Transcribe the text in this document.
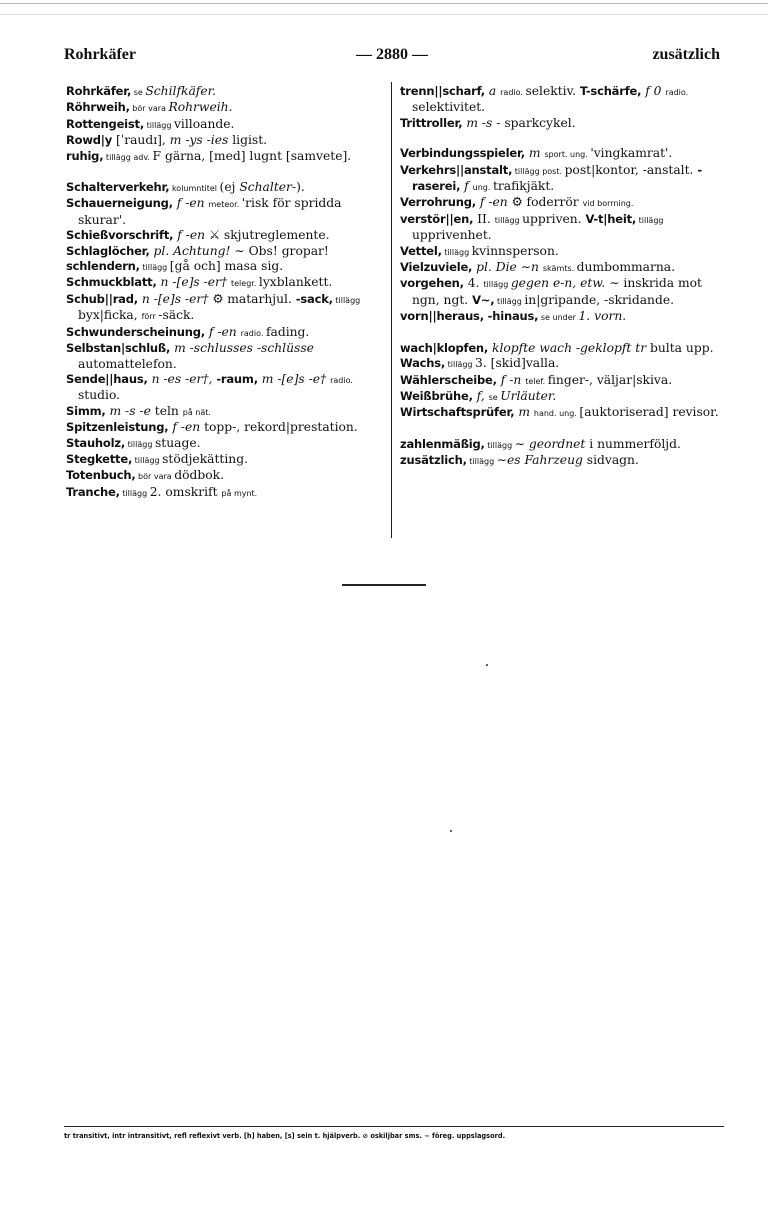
Rohrkäfer	— 2880 —	zusätzlich

Rohrkäfer, se Schilfkäfer.

Röhrweih, bör vara Rohrweih.

Rottengeist, tillägg villoande.

Rowd|y [ˈraudɪ], m -ys -ies ligist.

ruhig, tillägg adv. F gärna, [med] lugnt [samvete].

Schalterverkehr, kolumntitel (ej Schalter-).

Schauerneigung, f -en meteor. 'risk för spridda skurar'.

Schießvorschrift, f -en ⚔ skjutreglemente.

Schlaglöcher, pl. Achtung! ∼ Obs! gropar!

schlendern, tillägg [gå och] masa sig.

Schmuckblatt, n -[e]s -er† telegr. lyxblankett.

Schub||rad, n -[e]s -er† ⚙ matarhjul. -sack, tillägg byx|ficka, förr -säck.

Schwunderscheinung, f -en radio. fading.

Selbstan|schluß, m -schlusses -schlüsse automattelefon.

Sende||haus, n -es -er†, -raum, m -[e]s -e† radio. studio.

Simm, m -s -e teln på nät.

Spitzenleistung, f -en topp-, rekord|prestation.

Stauholz, tillägg stuage.

Stegkette, tillägg stödjekätting.

Totenbuch, bör vara dödbok.

Tranche, tillägg 2. omskrift på mynt.

trenn||scharf, a radio. selektiv. T-schärfe, f 0 radio. selektivitet.

Trittroller, m -s - sparkcykel.

Verbindungsspieler, m sport. ung. 'vingkamrat'.

Verkehrs||anstalt, tillägg post. post|kontor, -anstalt. -raserei, f ung. trafikjäkt.

Verrohrung, f -en ⚙ foderrör vid borrning.

verstör||en, II. tillägg uppriven. V-t|heit, tillägg upprivenhet.

Vettel, tillägg kvinnsperson.

Vielzuviele, pl. Die ∼n skämts. dumbommarna.

vorgehen, 4. tillägg gegen e-n, etw. ∼ inskrida mot ngn, ngt. V∼, tillägg in|gripande, -skridande.

vorn||heraus, -hinaus, se under 1. vorn.

wach|klopfen, klopfte wach -geklopft tr bulta upp.

Wachs, tillägg 3. [skid]valla.

Wählerscheibe, f -n telef. finger-, väljar|skiva.

Weißbrühe, f, se Urläuter.

Wirtschaftsprüfer, m hand. ung. [auktoriserad] revisor.

zahlenmäßig, tillägg ∼ geordnet i nummerföljd.

zusätzlich, tillägg ∼es Fahrzeug sidvagn.

tr transitivt, intr intransitivt, refl reflexivt verb. [h] haben, [s] sein t. hjälpverb. ⊘ oskiljbar sms. ∼ föreg. uppslagsord.
